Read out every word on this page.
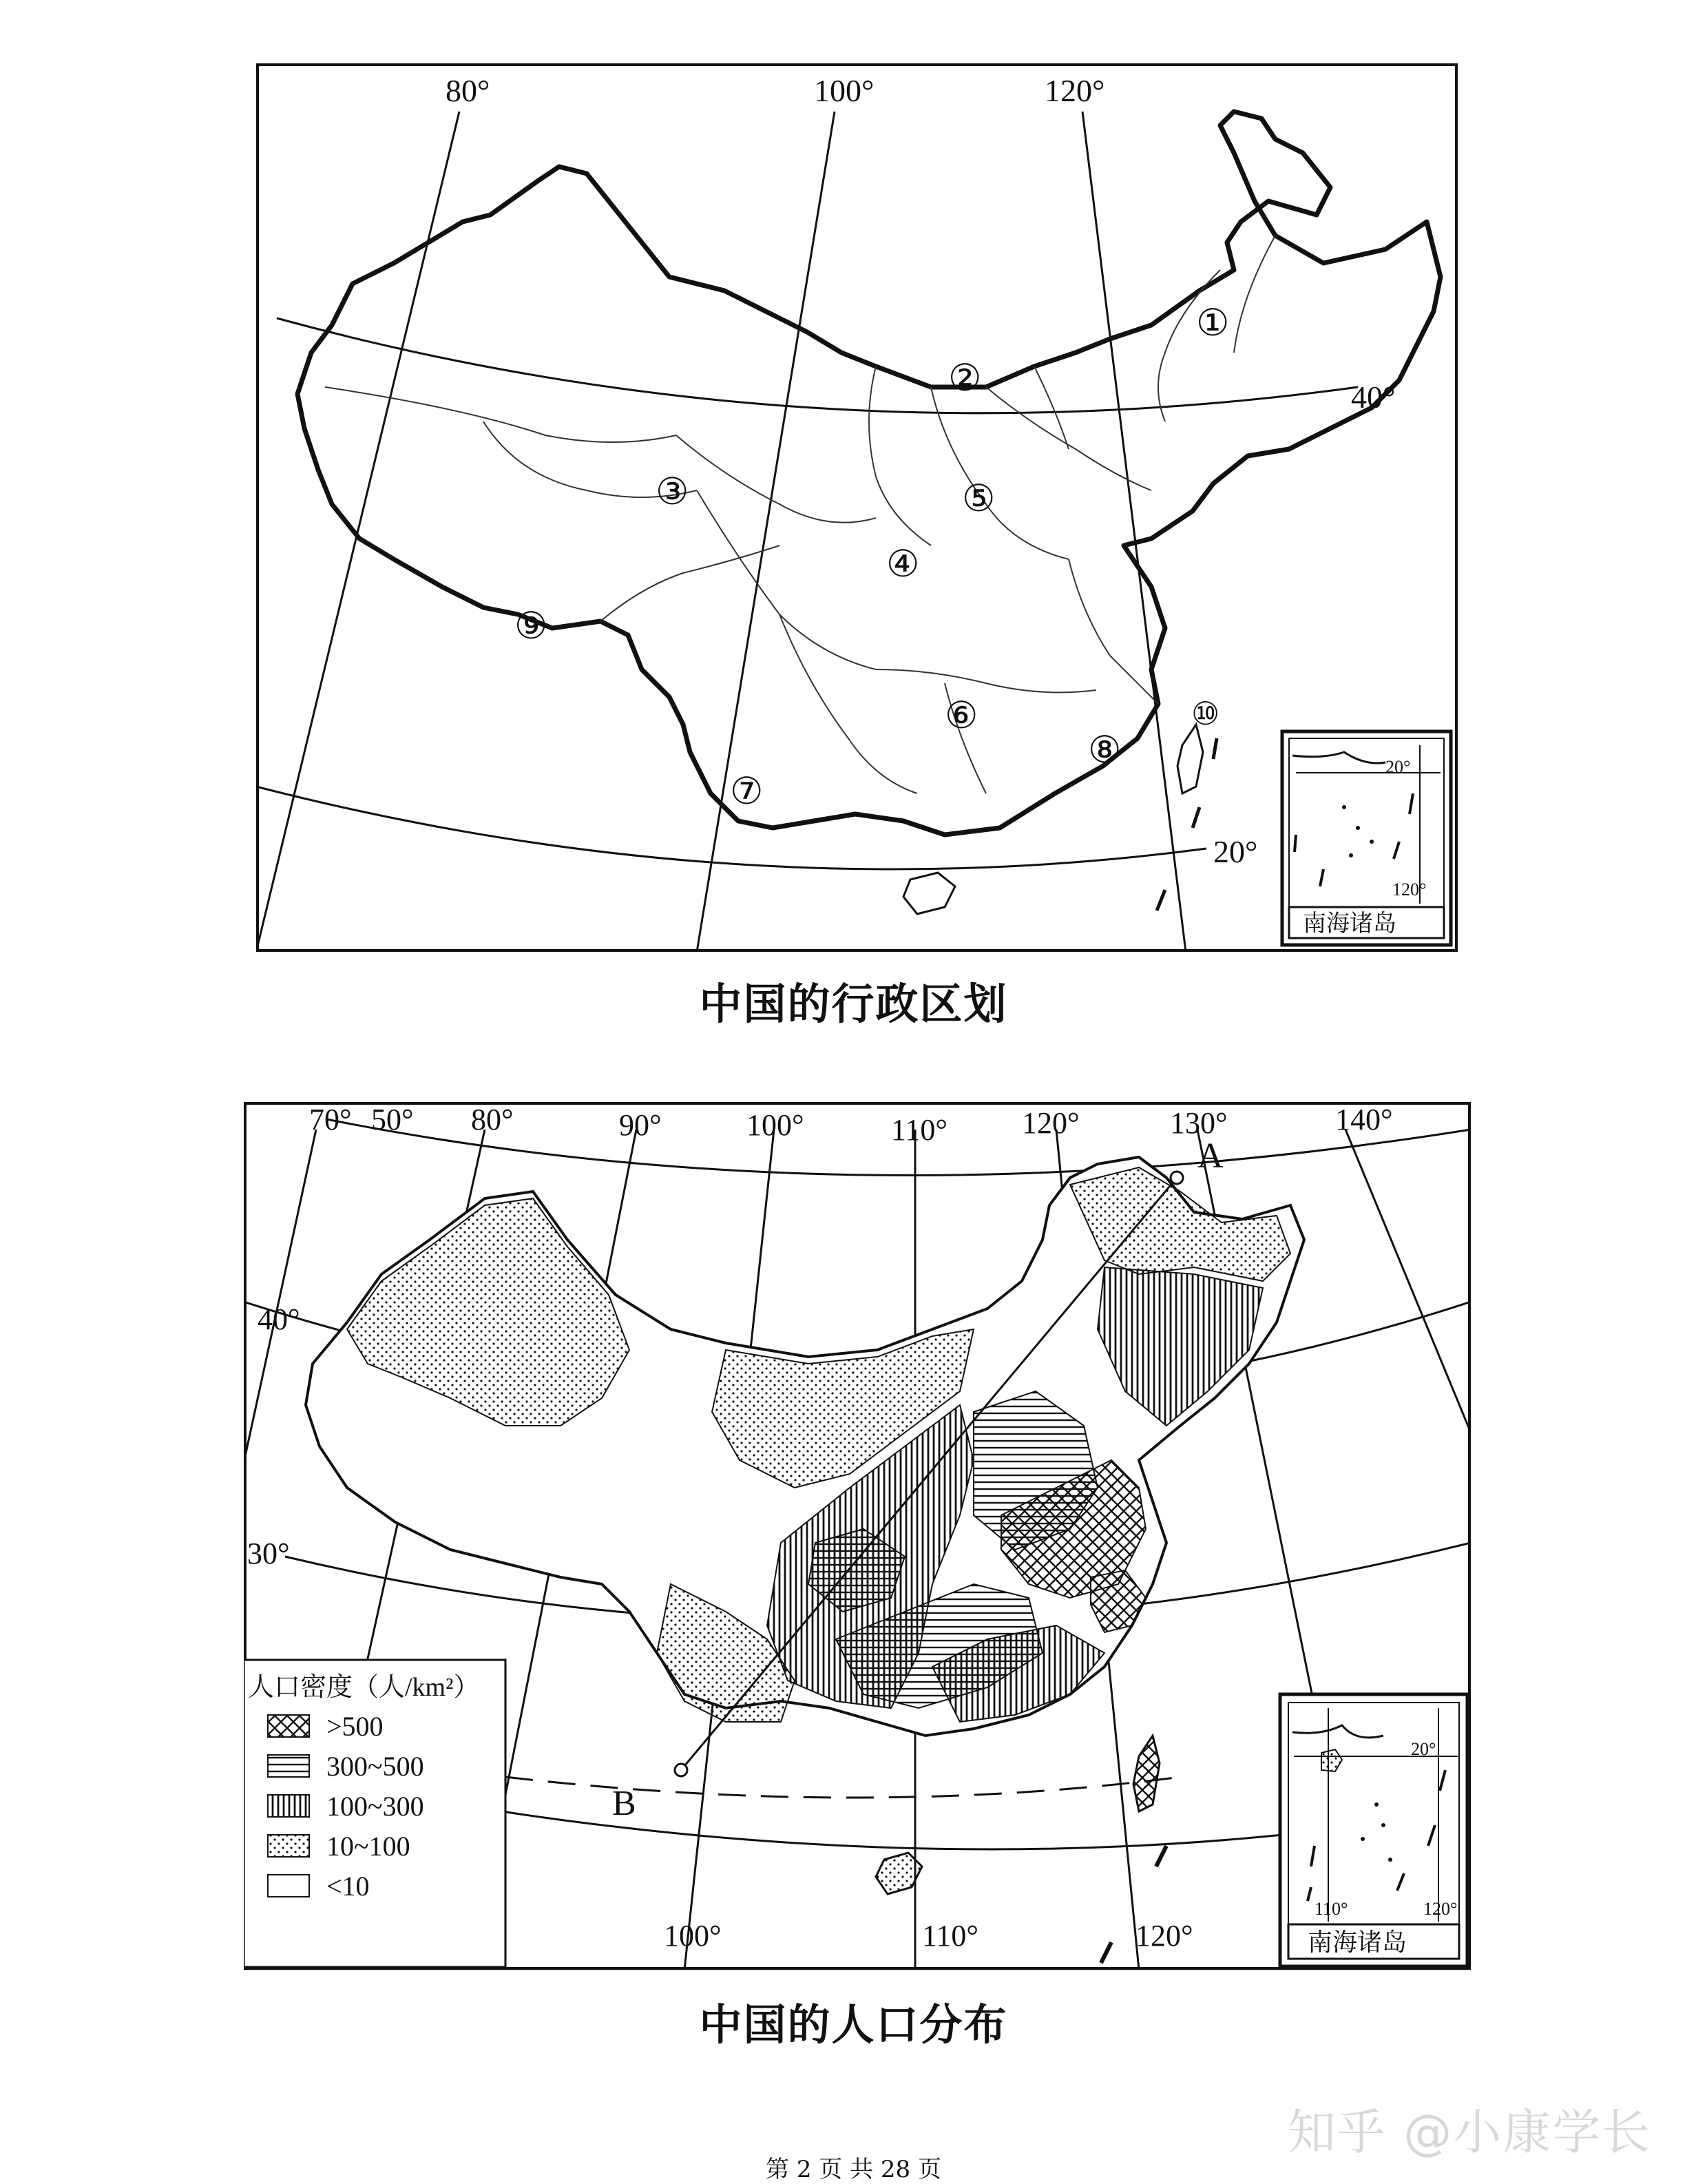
80°	100°	120°
40°
20°
①
②
③
④
⑤
⑥
⑦
⑧
⑨
⑩
20°
120°
南海诸岛
中国的行政区划
70°	80°	90°	100°	110° 120°	130°	140°
50°
40°
30°
100°	110°	120°
A
B
人口密度（人/km²）
>500
300~500
100~300
10~100
<10
20°
110°	120°
南海诸岛
中国的人口分布
知乎 @小康学长
第 2 页 共 28 页
